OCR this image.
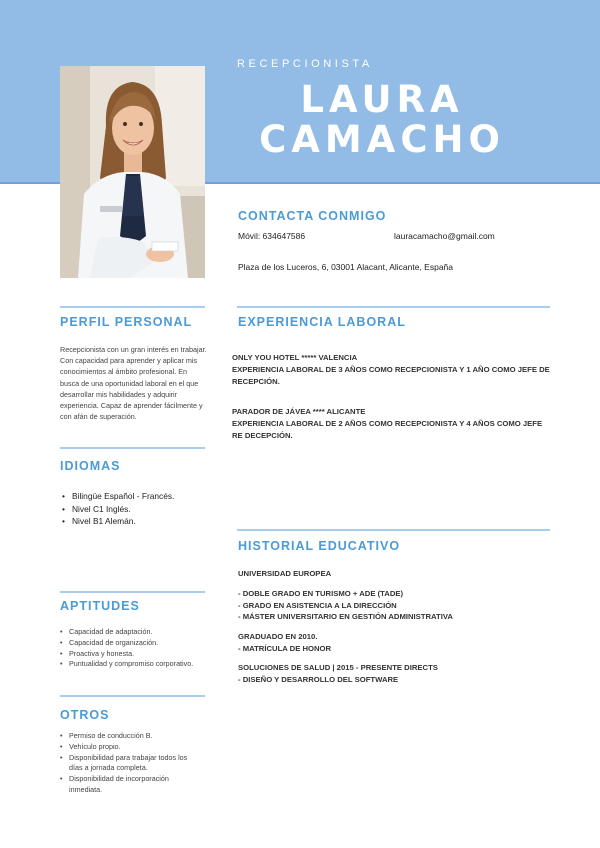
RECEPCIONISTA
LAURA
CAMACHO
CONTACTA CONMIGO
Móvil: 634647586	lauracamacho@gmail.com
Plaza de los Luceros, 6, 03001 Alacant, Alicante, España
PERFIL PERSONAL

Recepcionista con un gran interés en trabajar. Con capacidad para aprender y aplicar mis conocimientos al ámbito profesional. En busca de una oportunidad laboral en el que desarrollar mis habilidades y adquirir experiencia. Capaz de aprender fácilmente y con afán de superación.

IDIOMAS
• Bilingüe Español - Francés.
• Nivel C1 Inglés.
• Nivel B1 Alemán.
APTITUDES
• Capacidad de adaptación.
• Capacidad de organización.
• Proactiva y honesta.
• Puntualidad y compromiso corporativo.
OTROS
• Permiso de conducción B.
• Vehículo propio.
• Disponibilidad para trabajar todos los días a jornada completa.
• Disponibilidad de incorporación inmediata.
EXPERIENCIA LABORAL
ONLY YOU HOTEL ***** VALENCIA
EXPERIENCIA LABORAL DE 3 AÑOS COMO RECEPCIONISTA Y 1 AÑO COMO JEFE DE RECEPCIÓN.
PARADOR DE JÁVEA **** ALICANTE
EXPERIENCIA LABORAL DE 2 AÑOS COMO RECEPCIONISTA Y 4 AÑOS COMO JEFE RE DECEPCIÓN.
HISTORIAL EDUCATIVO
UNIVERSIDAD EUROPEA
- DOBLE GRADO EN TURISMO + ADE (TADE)
- GRADO EN ASISTENCIA A LA DIRECCIÓN
- MÁSTER UNIVERSITARIO EN GESTIÓN ADMINISTRATIVA
GRADUADO EN 2010.
- MATRÍCULA DE HONOR
SOLUCIONES DE SALUD | 2015 - PRESENTE DIRECTS
- DISEÑO Y DESARROLLO DEL SOFTWARE
